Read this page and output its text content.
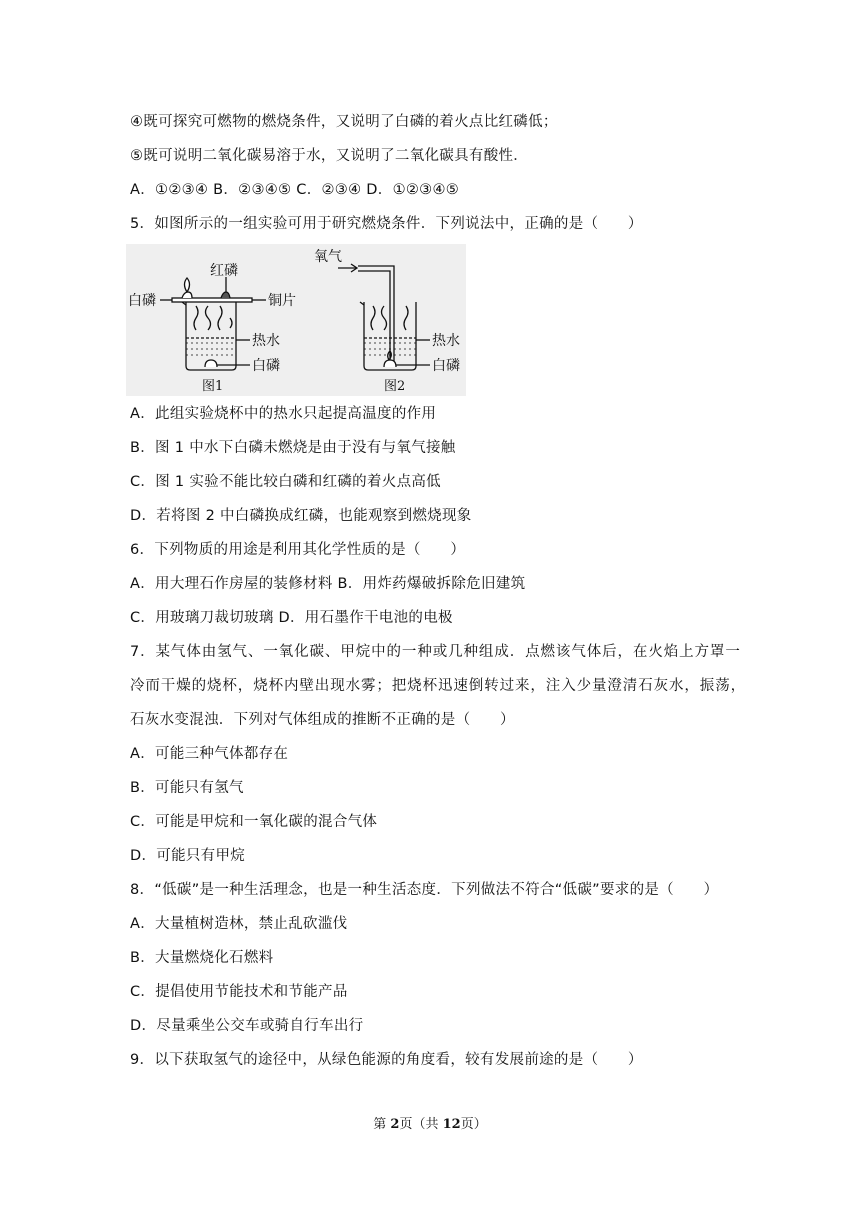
④既可探究可燃物的燃烧条件，又说明了白磷的着火点比红磷低；
⑤既可说明二氧化碳易溶于水，又说明了二氧化碳具有酸性．
A．①②③④ B．②③④⑤ C．②③④ D．①②③④⑤
5．如图所示的一组实验可用于研究燃烧条件．下列说法中，正确的是（　　）
红磷
白磷	铜片
热水
白磷
图1
氧气
热水
白磷
图2
A．此组实验烧杯中的热水只起提高温度的作用
B．图 1 中水下白磷未燃烧是由于没有与氧气接触
C．图 1 实验不能比较白磷和红磷的着火点高低
D．若将图 2 中白磷换成红磷，也能观察到燃烧现象
6．下列物质的用途是利用其化学性质的是（　　）
A．用大理石作房屋的装修材料 B．用炸药爆破拆除危旧建筑
C．用玻璃刀裁切玻璃 D．用石墨作干电池的电极
7．某气体由氢气、一氧化碳、甲烷中的一种或几种组成．点燃该气体后，在火焰上方罩一
冷而干燥的烧杯，烧杯内壁出现水雾；把烧杯迅速倒转过来，注入少量澄清石灰水，振荡，
石灰水变混浊．下列对气体组成的推断不正确的是（　　）
A．可能三种气体都存在
B．可能只有氢气
C．可能是甲烷和一氧化碳的混合气体
D．可能只有甲烷
8．“低碳”是一种生活理念，也是一种生活态度．下列做法不符合“低碳”要求的是（　　）
A．大量植树造林，禁止乱砍滥伐
B．大量燃烧化石燃料
C．提倡使用节能技术和节能产品
D．尽量乘坐公交车或骑自行车出行
9．以下获取氢气的途径中，从绿色能源的角度看，较有发展前途的是（　　）
第 2页（共 12页）
